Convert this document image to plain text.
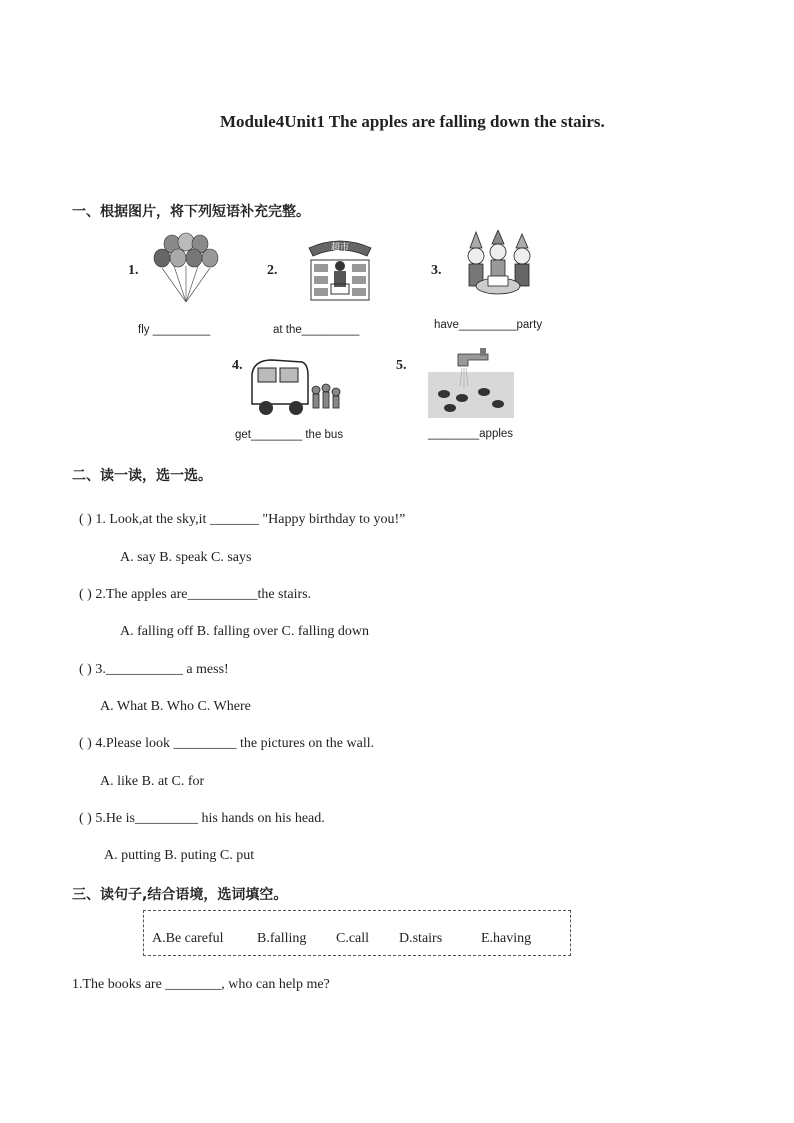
Module4Unit1 The apples are falling down the stairs.
一、根据图片，将下列短语补充完整。
1.
fly _________
2.
超市
at the_________
3.
have_________party
4.
get________ the bus
5.
________apples
二、读一读，选一选。
( ) 1. Look,at the sky,it _______ "Happy birthday to you!”
A. say B. speak C. says
( ) 2.The apples are__________the stairs.
A. falling off B. falling over C. falling down
( ) 3.___________ a mess!
A. What B. Who C. Where
( ) 4.Please look _________ the pictures on the wall.
A. like B. at C. for
( ) 5.He is_________ his hands on his head.
A. putting B. puting C. put
三、读句子,结合语境，选词填空。
A.Be careful B.falling C.call D.stairs	E.having
1.The books are ________, who can help me?
